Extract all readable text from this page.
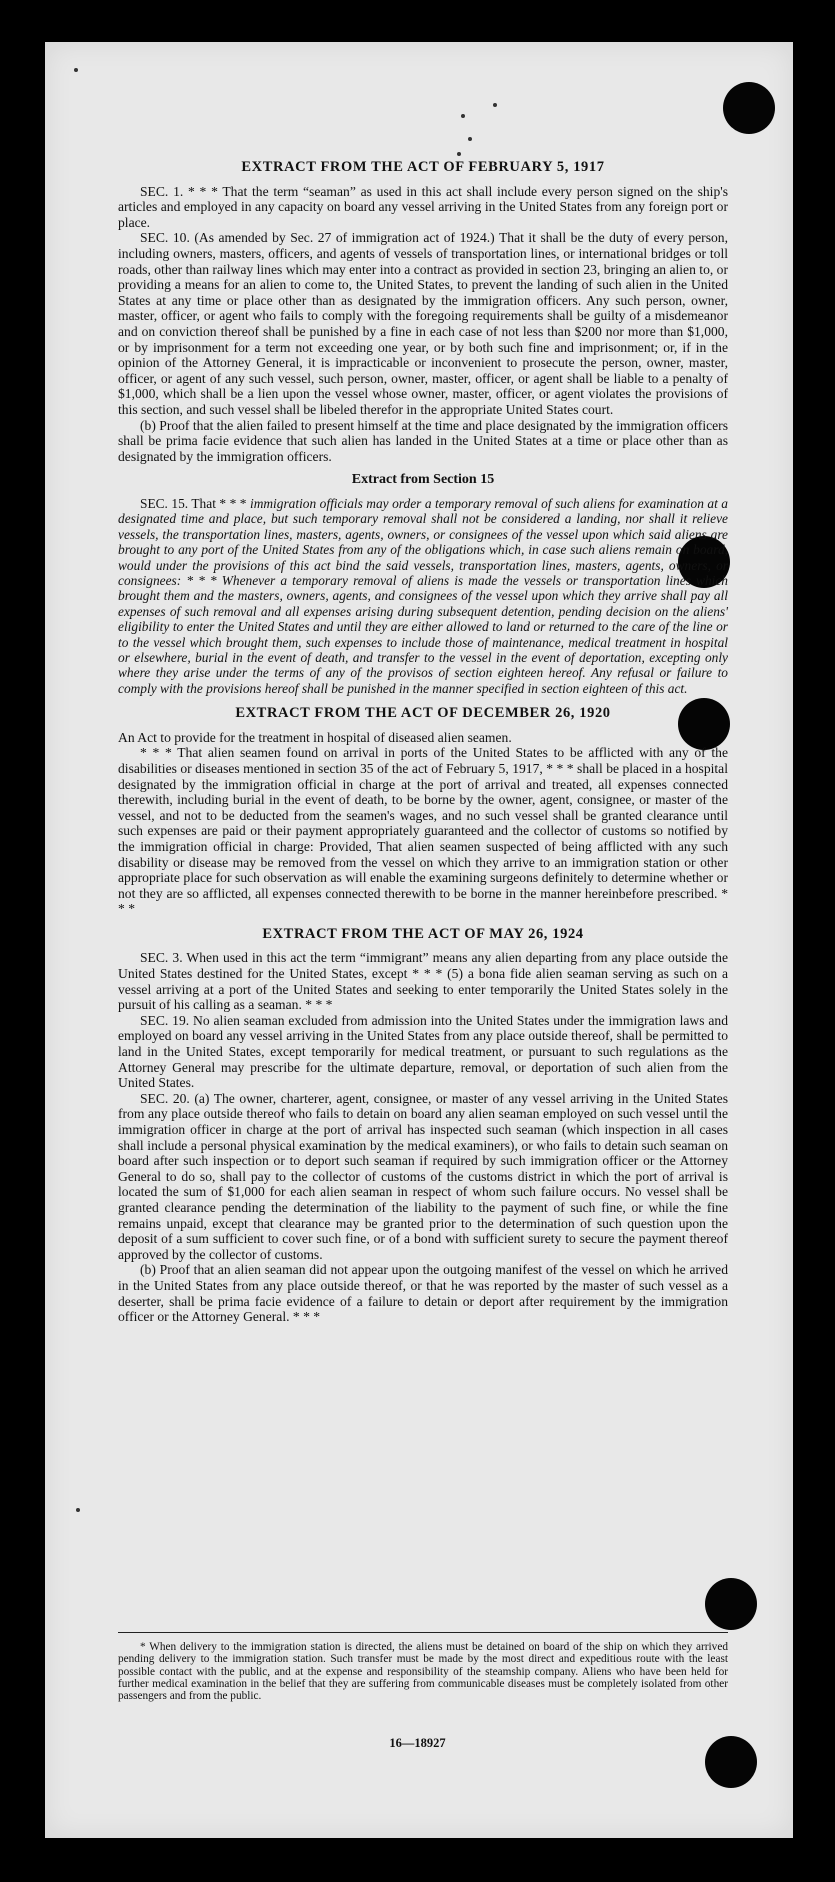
EXTRACT FROM THE ACT OF FEBRUARY 5, 1917

SEC. 1. * * * That the term “seaman” as used in this act shall include every person signed on the ship's articles and employed in any capacity on board any vessel arriving in the United States from any foreign port or place.

SEC. 10. (As amended by Sec. 27 of immigration act of 1924.) That it shall be the duty of every person, including owners, masters, officers, and agents of vessels of transportation lines, or international bridges or toll roads, other than railway lines which may enter into a contract as provided in section 23, bringing an alien to, or providing a means for an alien to come to, the United States, to prevent the landing of such alien in the United States at any time or place other than as designated by the immigration officers. Any such person, owner, master, officer, or agent who fails to comply with the foregoing requirements shall be guilty of a misdemeanor and on conviction thereof shall be punished by a fine in each case of not less than $200 nor more than $1,000, or by imprisonment for a term not exceeding one year, or by both such fine and imprisonment; or, if in the opinion of the Attorney General, it is impracticable or inconvenient to prosecute the person, owner, master, officer, or agent of any such vessel, such person, owner, master, officer, or agent shall be liable to a penalty of $1,000, which shall be a lien upon the vessel whose owner, master, officer, or agent violates the provisions of this section, and such vessel shall be libeled therefor in the appropriate United States court.

(b) Proof that the alien failed to present himself at the time and place designated by the immigration officers shall be prima facie evidence that such alien has landed in the United States at a time or place other than as designated by the immigration officers.

Extract from Section 15

SEC. 15. That * * * immigration officials may order a temporary removal of such aliens for examination at a designated time and place, but such temporary removal shall not be considered a landing, nor shall it relieve vessels, the transportation lines, masters, agents, owners, or consignees of the vessel upon which said aliens are brought to any port of the United States from any of the obligations which, in case such aliens remain on board, would under the provisions of this act bind the said vessels, transportation lines, masters, agents, owners, or consignees: * * * Whenever a temporary removal of aliens is made the vessels or transportation lines which brought them and the masters, owners, agents, and consignees of the vessel upon which they arrive shall pay all expenses of such removal and all expenses arising during subsequent detention, pending decision on the aliens' eligibility to enter the United States and until they are either allowed to land or returned to the care of the line or to the vessel which brought them, such expenses to include those of maintenance, medical treatment in hospital or elsewhere, burial in the event of death, and transfer to the vessel in the event of deportation, excepting only where they arise under the terms of any of the provisos of section eighteen hereof. Any refusal or failure to comply with the provisions hereof shall be punished in the manner specified in section eighteen of this act.

EXTRACT FROM THE ACT OF DECEMBER 26, 1920

An Act to provide for the treatment in hospital of diseased alien seamen.

* * * That alien seamen found on arrival in ports of the United States to be afflicted with any of the disabilities or diseases mentioned in section 35 of the act of February 5, 1917, * * * shall be placed in a hospital designated by the immigration official in charge at the port of arrival and treated, all expenses connected therewith, including burial in the event of death, to be borne by the owner, agent, consignee, or master of the vessel, and not to be deducted from the seamen's wages, and no such vessel shall be granted clearance until such expenses are paid or their payment appropriately guaranteed and the collector of customs so notified by the immigration official in charge: Provided, That alien seamen suspected of being afflicted with any such disability or disease may be removed from the vessel on which they arrive to an immigration station or other appropriate place for such observation as will enable the examining surgeons definitely to determine whether or not they are so afflicted, all expenses connected therewith to be borne in the manner hereinbefore prescribed. * * *

EXTRACT FROM THE ACT OF MAY 26, 1924

SEC. 3. When used in this act the term “immigrant” means any alien departing from any place outside the United States destined for the United States, except * * * (5) a bona fide alien seaman serving as such on a vessel arriving at a port of the United States and seeking to enter temporarily the United States solely in the pursuit of his calling as a seaman. * * *

SEC. 19. No alien seaman excluded from admission into the United States under the immigration laws and employed on board any vessel arriving in the United States from any place outside thereof, shall be permitted to land in the United States, except temporarily for medical treatment, or pursuant to such regulations as the Attorney General may prescribe for the ultimate departure, removal, or deportation of such alien from the United States.

SEC. 20. (a) The owner, charterer, agent, consignee, or master of any vessel arriving in the United States from any place outside thereof who fails to detain on board any alien seaman employed on such vessel until the immigration officer in charge at the port of arrival has inspected such seaman (which inspection in all cases shall include a personal physical examination by the medical examiners), or who fails to detain such seaman on board after such inspection or to deport such seaman if required by such immigration officer or the Attorney General to do so, shall pay to the collector of customs of the customs district in which the port of arrival is located the sum of $1,000 for each alien seaman in respect of whom such failure occurs. No vessel shall be granted clearance pending the determination of the liability to the payment of such fine, or while the fine remains unpaid, except that clearance may be granted prior to the determination of such question upon the deposit of a sum sufficient to cover such fine, or of a bond with sufficient surety to secure the payment thereof approved by the collector of customs.

(b) Proof that an alien seaman did not appear upon the outgoing manifest of the vessel on which he arrived in the United States from any place outside thereof, or that he was reported by the master of such vessel as a deserter, shall be prima facie evidence of a failure to detain or deport after requirement by the immigration officer or the Attorney General. * * *

* When delivery to the immigration station is directed, the aliens must be detained on board of the ship on which they arrived pending delivery to the immigration station. Such transfer must be made by the most direct and expeditious route with the least possible contact with the public, and at the expense and responsibility of the steamship company. Aliens who have been held for further medical examination in the belief that they are suffering from communicable diseases must be completely isolated from other passengers and from the public.

16—18927
